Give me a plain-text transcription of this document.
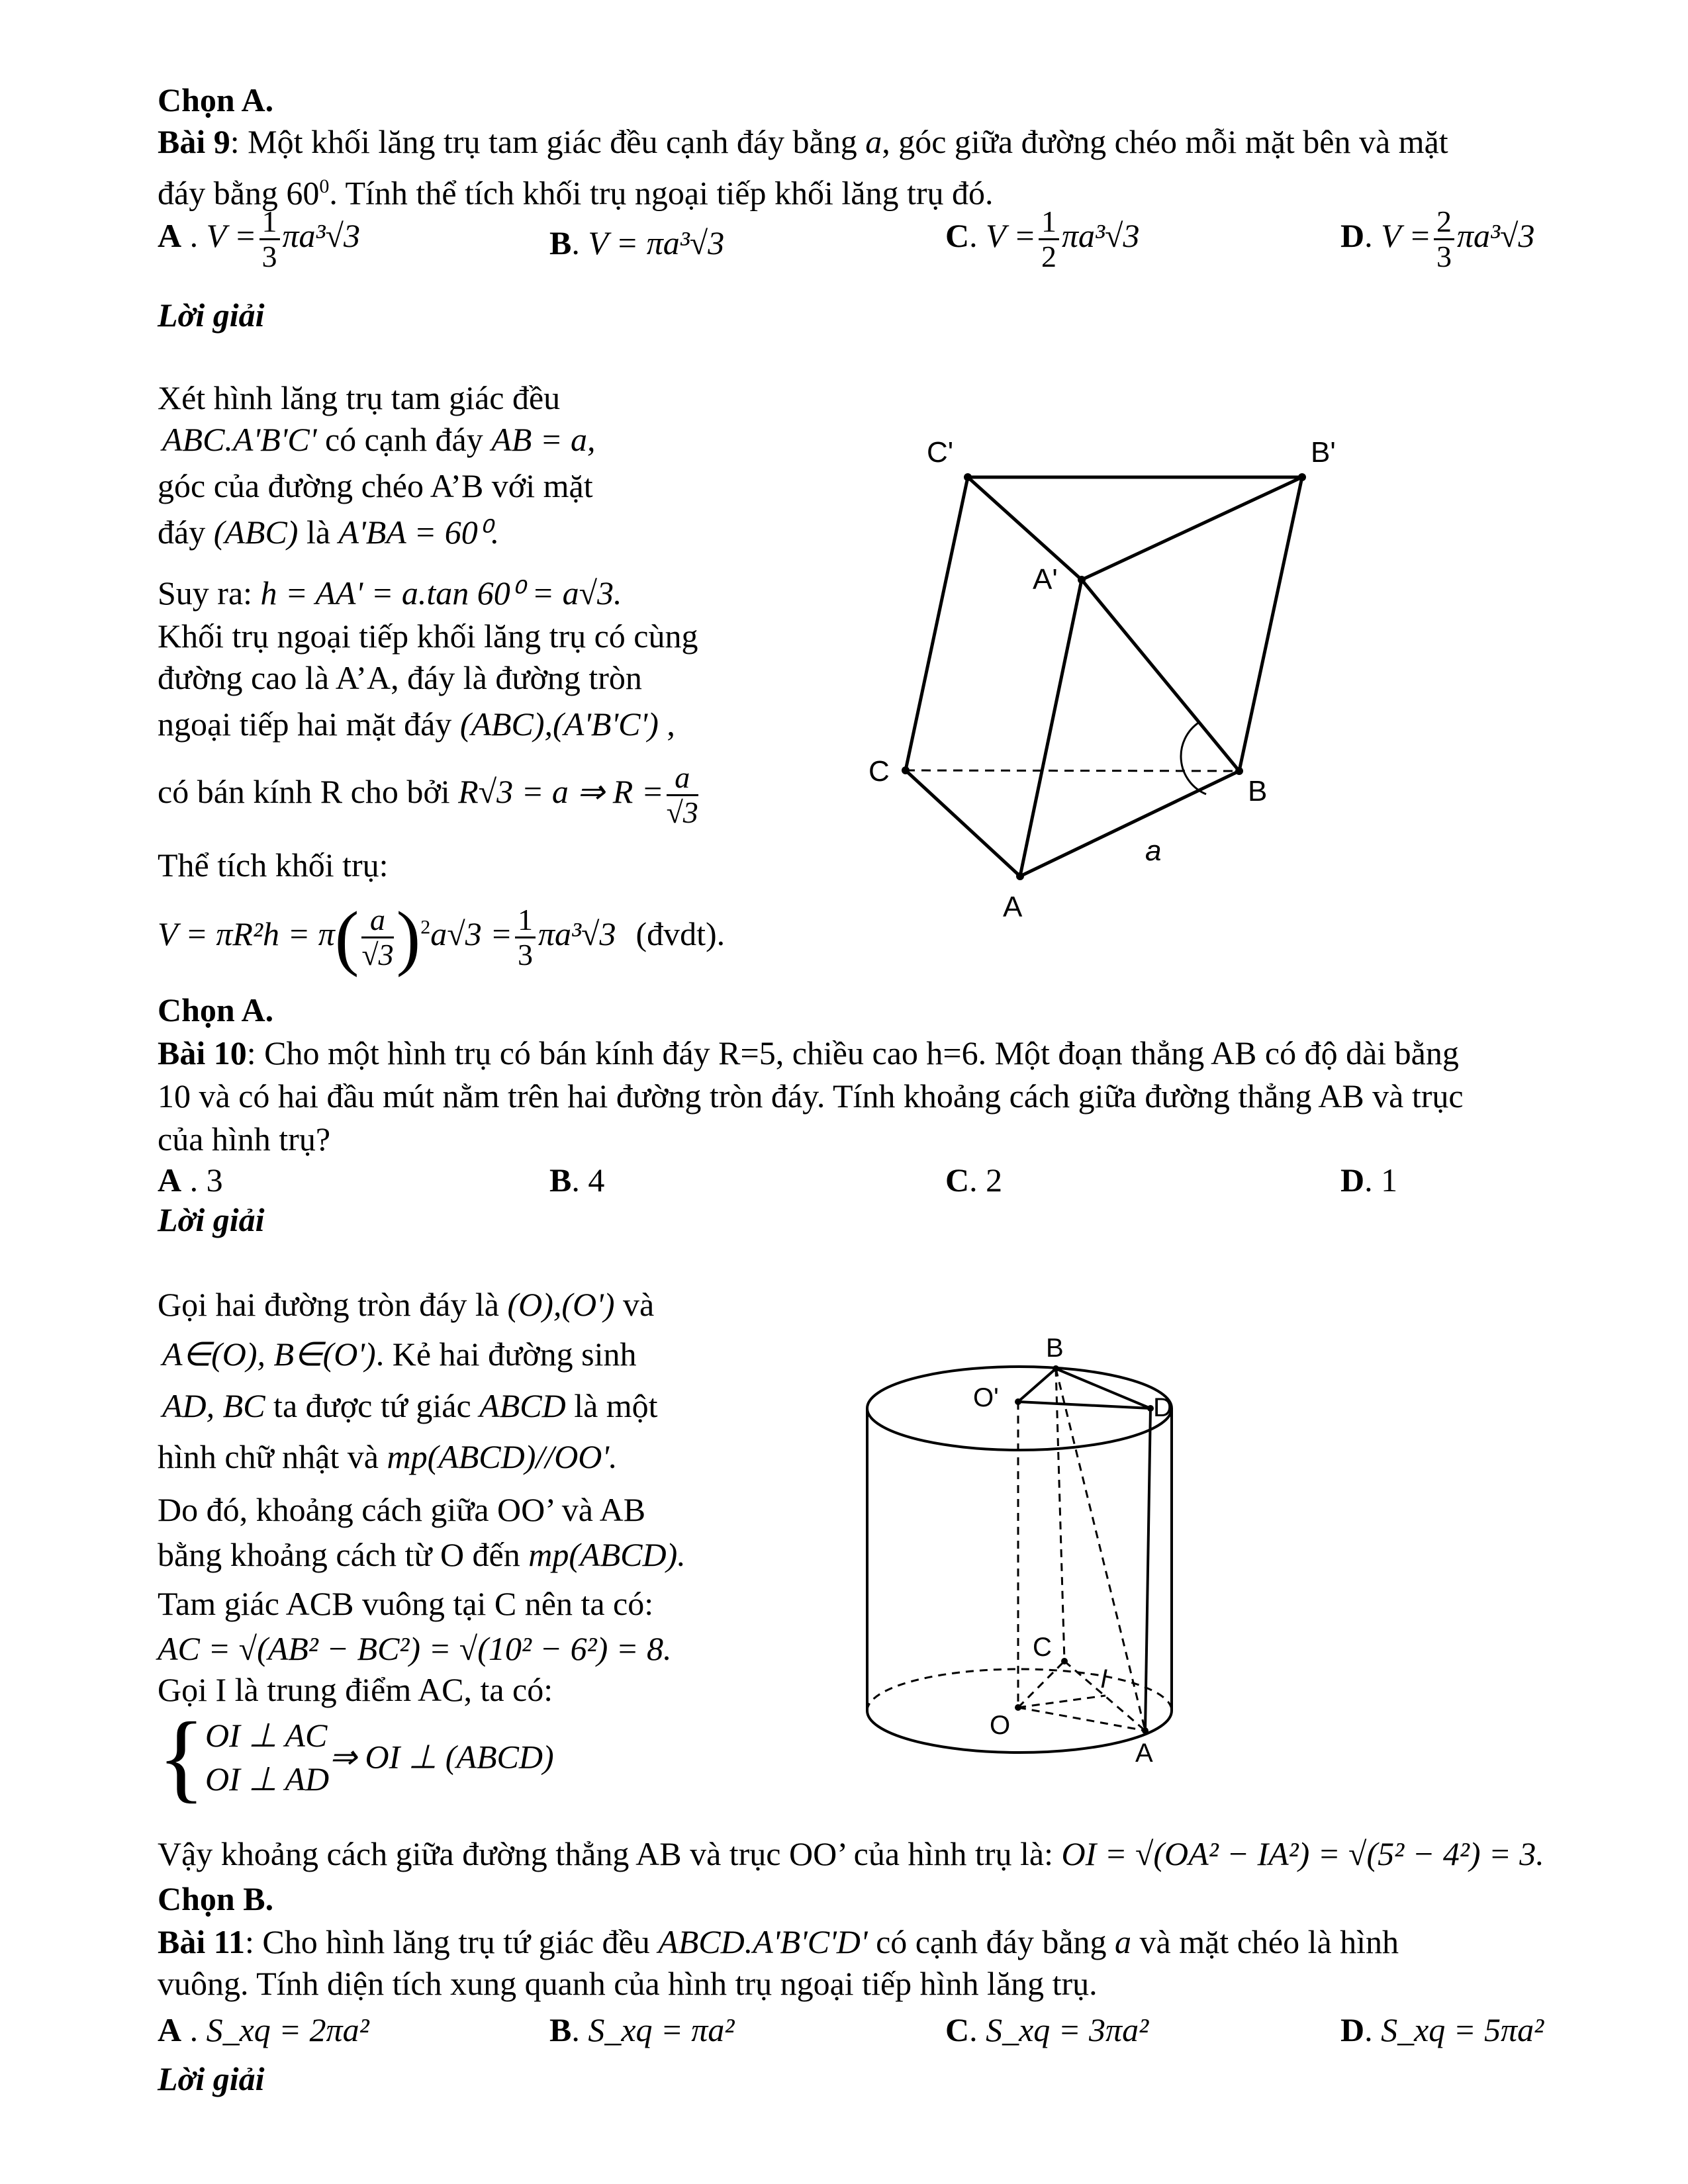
Chọn A.
Bài 9: Một khối lăng trụ tam giác đều cạnh đáy bằng a, góc giữa đường chéo mỗi mặt bên và mặt
đáy bằng $60^0$. Tính thể tích khối trụ ngoại tiếp khối lăng trụ đó.
A . $V = \frac{1}{3} \pi a^3√3$	B. V = πa³√3	C. $V = \frac{1}{2} \pi a^3√3$	D. $V = \frac{2}{3} \pi a^3√3$
Lời giải
Xét hình lăng trụ tam giác đều
ABC.A'B'C' có cạnh đáy AB = a,
góc của đường chéo A’B với mặt
đáy (ABC) là A'BA = 60⁰.
Suy ra: h = AA' = a.tan 60⁰ = a√3.
Khối trụ ngoại tiếp khối lăng trụ có cùng
đường cao là A’A, đáy là đường tròn
ngoại tiếp hai mặt đáy (ABC),(A'B'C') ,
có bán kính R cho bởi R√3 = a ⇒ $R = \frac{a}{√3}$
Thể tích khối trụ:
$V = \pi R^2h = \pi( \frac{a}{√3} )^2a√3 = \frac{1}{3} \pi a^3√3$ (đvdt).
Chọn A.
C'	B'
A'
C
B
A
a
Bài 10: Cho một hình trụ có bán kính đáy R=5, chiều cao h=6. Một đoạn thẳng AB có độ dài bằng
10 và có hai đầu mút nằm trên hai đường tròn đáy. Tính khoảng cách giữa đường thẳng AB và trục
của hình trụ?
A . 3	B. 4	C. 2	D. 1
Lời giải
Gọi hai đường tròn đáy là (O),(O') và
A∈(O), B∈(O'). Kẻ hai đường sinh
AD, BC ta được tứ giác ABCD là một
hình chữ nhật và mp(ABCD)//OO'.
Do đó, khoảng cách giữa OO’ và AB
bằng khoảng cách từ O đến mp(ABCD).
Tam giác ACB vuông tại C nên ta có:
AC = √(AB² − BC²) = √(10² − 6²) = 8.
Gọi I là trung điểm AC, ta có:
{ OI ⊥ AC
OI ⊥ AD
⇒ OI ⊥ (ABCD)
Vậy khoảng cách giữa đường thẳng AB và trục OO’ của hình trụ là: OI = √(OA² − IA²) = √(5² − 4²) = 3.
Chọn B.
B
O'	D
C
I
O
A
Bài 11: Cho hình lăng trụ tứ giác đều ABCD.A'B'C'D' có cạnh đáy bằng a và mặt chéo là hình
vuông. Tính diện tích xung quanh của hình trụ ngoại tiếp hình lăng trụ.
A . S_xq = 2πa²	B. S_xq = πa²	C. S_xq = 3πa²	D. S_xq = 5πa²
Lời giải
